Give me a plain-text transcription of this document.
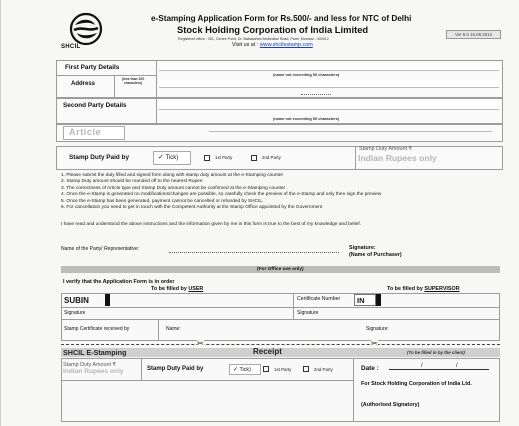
SHCIL
e-Stamping Application Form for Rs.500/- and less for NTC of Delhi
Stock Holding Corporation of India Limited
Registered office : 301, Centre Point, Dr. Babasaheb Ambedkar Road, Parel, Mumbai - 400012
Visit us at : www.shcilestamp.com
Ver 6.0 16.08.2012
First Party Details
Address
(less than 100 characters)
(name not exceeding 50 characters)
Second Party Details
(name not exceeding 50 characters)
Article
Stamp Duty Paid by	✓ Tick)	1st Party	2nd Party
Stamp Duty Amount ₹
Indian Rupees only
1. Please submit the duly filled and signed form along with stamp duty amount at the e-Stamping counter
2. Stamp Duty amount should be rounded off to the nearest Rupee
3. The correctness of Article type and Stamp Duty amount cannot be confirmed at the e-Stamping counter
4. Once the e-Stamp is generated no modifications/changes are possible, so carefully check the preview of the e-Stamp and only then sign the preview
5. Once the e-Stamp has been generated, payment cannot be cancelled or refunded by SHCIL.
6. For cancellation you need to get in touch with the Competent Authority at the Stamp Office appointed by the Government
I have read and understood the above instructions and the information given by me in this form is true to the best of my knowledge and belief.
Name of the Party/ Representative:	Signature:
(Name of Purchaser)
(For Office use only)
I verify that the Application Form is in order
To be filled by USER	To be filled by SUPERVISOR
SUBIN	Certificate Number	IN
Signature	Signature
Stamp Certificate received by	Name:	Signature:
✂	✂
SHCIL E-Stamping	Receipt	(To be filled in by the client)
Stamp Duty Amount ₹
Indian Rupees only	Stamp Duty Paid by	✓ Tick)	1st Party	2nd Party	Date :	/	/
For Stock Holding Corporation of India Ltd.
(Authorised Signatory)
